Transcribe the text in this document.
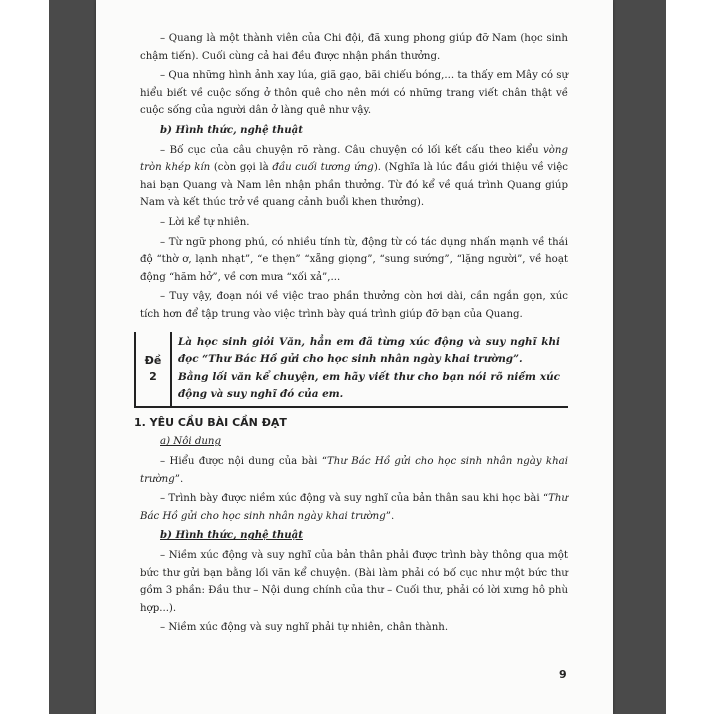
– Quang là một thành viên của Chi đội, đã xung phong giúp đỡ Nam (học sinh chậm tiến). Cuối cùng cả hai đều được nhận phần thưởng.

– Qua những hình ảnh xay lúa, giã gạo, bãi chiếu bóng,... ta thấy em Mây có sự hiểu biết về cuộc sống ở thôn quê cho nên mới có những trang viết chân thật về cuộc sống của người dân ở làng quê như vậy.

b) Hình thức, nghệ thuật

– Bố cục của câu chuyện rõ ràng. Câu chuyện có lối kết cấu theo kiểu vòng tròn khép kín (còn gọi là đầu cuối tương ứng). (Nghĩa là lúc đầu giới thiệu về việc hai bạn Quang và Nam lên nhận phần thưởng. Từ đó kể về quá trình Quang giúp Nam và kết thúc trở về quang cảnh buổi khen thưởng).

– Lời kể tự nhiên.

– Từ ngữ phong phú, có nhiều tính từ, động từ có tác dụng nhấn mạnh về thái độ “thờ ơ, lạnh nhạt”, “e thẹn” “xẵng giọng”, “sung sướng”, “lặng người”, về hoạt động “hăm hở”, về cơn mưa “xối xả”,...

– Tuy vậy, đoạn nói về việc trao phần thưởng còn hơi dài, cần ngắn gọn, xúc tích hơn để tập trung vào việc trình bày quá trình giúp đỡ bạn của Quang.

Đề
2

Là học sinh giỏi Văn, hẳn em đã từng xúc động và suy nghĩ khi đọc “Thư Bác Hồ gửi cho học sinh nhân ngày khai trường”.

Bằng lối văn kể chuyện, em hãy viết thư cho bạn nói rõ niềm xúc động và suy nghĩ đó của em.

1. YÊU CẦU BÀI CẦN ĐẠT
a) Nội dung

– Hiểu được nội dung của bài “Thư Bác Hồ gửi cho học sinh nhân ngày khai trường”.

– Trình bày được niềm xúc động và suy nghĩ của bản thân sau khi học bài “Thư Bác Hồ gửi cho học sinh nhân ngày khai trường”.

b) Hình thức, nghệ thuật

– Niềm xúc động và suy nghĩ của bản thân phải được trình bày thông qua một bức thư gửi bạn bằng lối văn kể chuyện. (Bài làm phải có bố cục như một bức thư gồm 3 phần: Đầu thư – Nội dung chính của thư – Cuối thư, phải có lời xưng hô phù hợp...).

– Niềm xúc động và suy nghĩ phải tự nhiên, chân thành.

9
